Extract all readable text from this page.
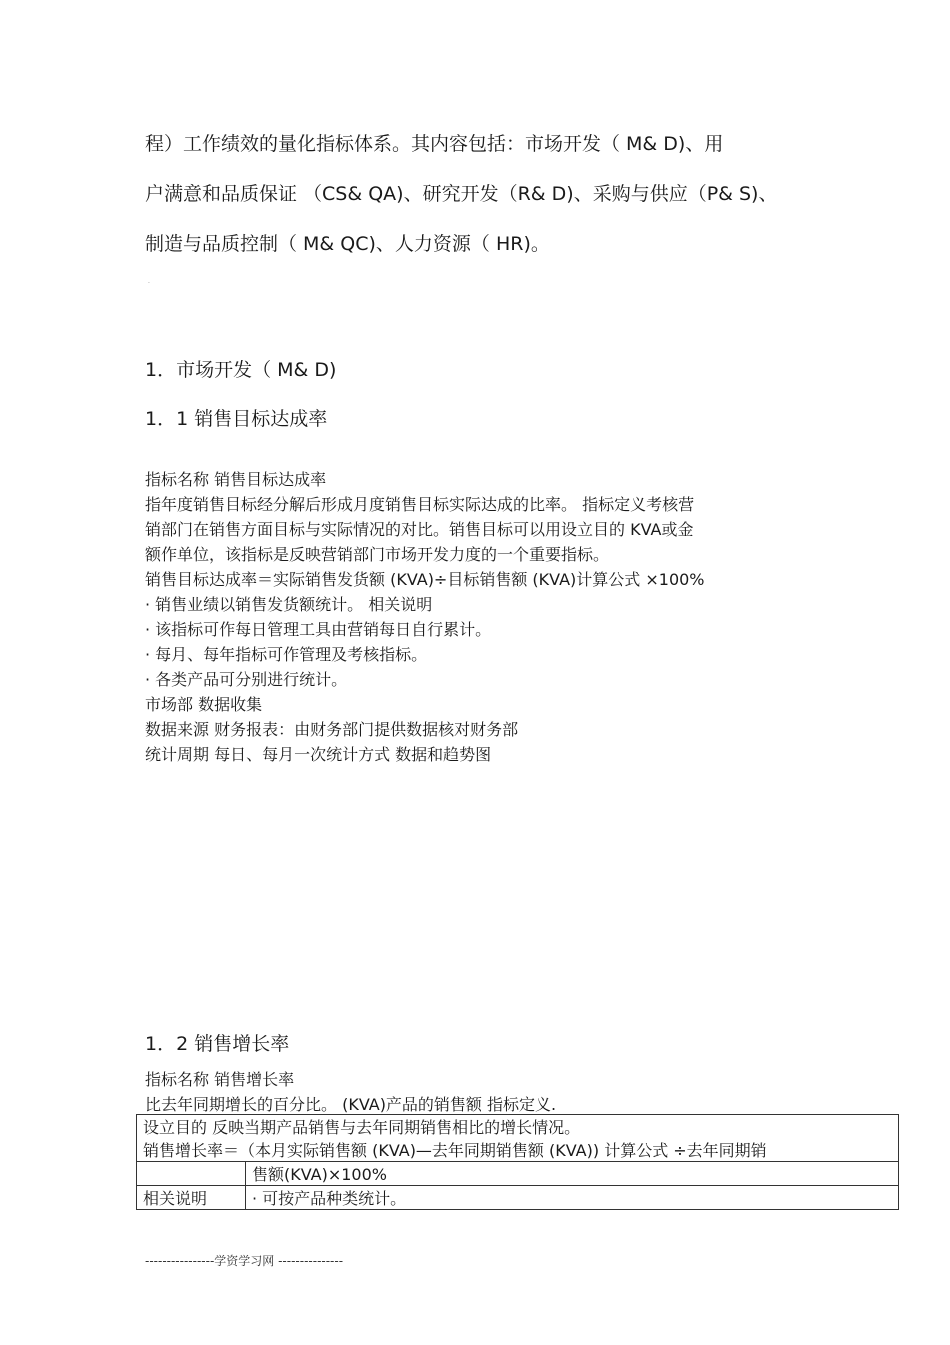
程）工作绩效的量化指标体系。其内容包括：市场开发（ M& D)、用
户满意和品质保证 （CS& QA)、研究开发（R& D)、采购与供应（P& S)、
制造与品质控制（ M& QC)、人力资源（ HR)。
·
1．市场开发（ M& D)
1．1 销售目标达成率
指标名称 销售目标达成率
指年度销售目标经分解后形成月度销售目标实际达成的比率。 指标定义考核营
销部门在销售方面目标与实际情况的对比。销售目标可以用设立目的 KVA或金
额作单位，该指标是反映营销部门市场开发力度的一个重要指标。
销售目标达成率＝实际销售发货额 (KVA)÷目标销售额 (KVA)计算公式 ×100%
· 销售业绩以销售发货额统计。 相关说明
· 该指标可作每日管理工具由营销每日自行累计。
· 每月、每年指标可作管理及考核指标。
· 各类产品可分别进行统计。
市场部 数据收集
数据来源 财务报表：由财务部门提供数据核对财务部
统计周期 每日、每月一次统计方式 数据和趋势图
1．2 销售增长率
指标名称 销售增长率
比去年同期增长的百分比。 (KVA)产品的销售额 指标定义.
设立目的 反映当期产品销售与去年同期销售相比的增长情况。	
销售增长率＝（本月实际销售额 (KVA)—去年同期销售额 (KVA)) 计算公式 ÷去年同期销	
	售额(KVA)×100%
相关说明	· 可按产品种类统计。
----------------学资学习网 ---------------
